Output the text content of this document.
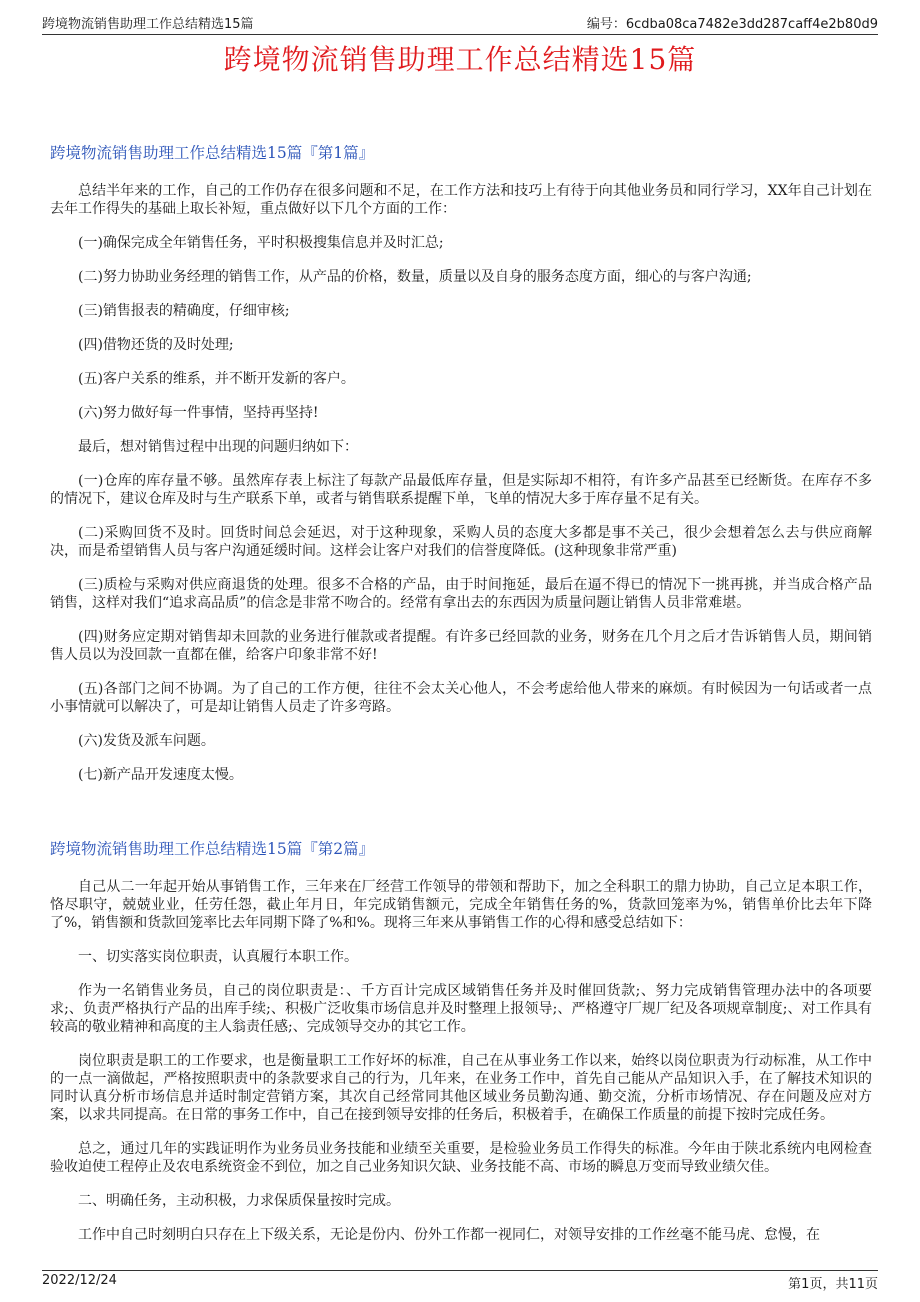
跨境物流销售助理工作总结精选15篇	编号：6cdba08ca7482e3dd287caff4e2b80d9
跨境物流销售助理工作总结精选15篇
跨境物流销售助理工作总结精选15篇『第1篇』

总结半年来的工作，自己的工作仍存在很多问题和不足，在工作方法和技巧上有待于向其他业务员和同行学习，XX年自己计划在去年工作得失的基础上取长补短，重点做好以下几个方面的工作：

(一)确保完成全年销售任务，平时积极搜集信息并及时汇总;

(二)努力协助业务经理的销售工作，从产品的价格，数量，质量以及自身的服务态度方面，细心的与客户沟通;

(三)销售报表的精确度，仔细审核;

(四)借物还货的及时处理;

(五)客户关系的维系，并不断开发新的客户。

(六)努力做好每一件事情，坚持再坚持!

最后，想对销售过程中出现的问题归纳如下：

(一)仓库的库存量不够。虽然库存表上标注了每款产品最低库存量，但是实际却不相符，有许多产品甚至已经断货。在库存不多的情况下，建议仓库及时与生产联系下单，或者与销售联系提醒下单，飞单的情况大多于库存量不足有关。

(二)采购回货不及时。回货时间总会延迟，对于这种现象，采购人员的态度大多都是事不关己，很少会想着怎么去与供应商解决，而是希望销售人员与客户沟通延缓时间。这样会让客户对我们的信誉度降低。(这种现象非常严重)

(三)质检与采购对供应商退货的处理。很多不合格的产品，由于时间拖延，最后在逼不得已的情况下一挑再挑，并当成合格产品销售，这样对我们“追求高品质”的信念是非常不吻合的。经常有拿出去的东西因为质量问题让销售人员非常难堪。

(四)财务应定期对销售却未回款的业务进行催款或者提醒。有许多已经回款的业务，财务在几个月之后才告诉销售人员，期间销售人员以为没回款一直都在催，给客户印象非常不好!

(五)各部门之间不协调。为了自己的工作方便，往往不会太关心他人，不会考虑给他人带来的麻烦。有时候因为一句话或者一点小事情就可以解决了，可是却让销售人员走了许多弯路。

(六)发货及派车问题。

(七)新产品开发速度太慢。

跨境物流销售助理工作总结精选15篇『第2篇』

自己从二一年起开始从事销售工作，三年来在厂经营工作领导的带领和帮助下，加之全科职工的鼎力协助，自己立足本职工作，恪尽职守，兢兢业业，任劳任怨，截止年月日，年完成销售额元，完成全年销售任务的%，货款回笼率为%，销售单价比去年下降了%，销售额和货款回笼率比去年同期下降了%和%。现将三年来从事销售工作的心得和感受总结如下：

一、切实落实岗位职责，认真履行本职工作。

作为一名销售业务员，自己的岗位职责是：、千方百计完成区域销售任务并及时催回货款;、努力完成销售管理办法中的各项要求;、负责严格执行产品的出库手续;、积极广泛收集市场信息并及时整理上报领导;、严格遵守厂规厂纪及各项规章制度;、对工作具有较高的敬业精神和高度的主人翁责任感;、完成领导交办的其它工作。

岗位职责是职工的工作要求，也是衡量职工工作好坏的标准，自己在从事业务工作以来，始终以岗位职责为行动标准，从工作中的一点一滴做起，严格按照职责中的条款要求自己的行为，几年来，在业务工作中，首先自己能从产品知识入手，在了解技术知识的同时认真分析市场信息并适时制定营销方案，其次自己经常同其他区域业务员勤沟通、勤交流，分析市场情况、存在问题及应对方案，以求共同提高。在日常的事务工作中，自己在接到领导安排的任务后，积极着手，在确保工作质量的前提下按时完成任务。

总之，通过几年的实践证明作为业务员业务技能和业绩至关重要，是检验业务员工作得失的标准。今年由于陕北系统内电网检查验收迫使工程停止及农电系统资金不到位，加之自己业务知识欠缺、业务技能不高、市场的瞬息万变而导致业绩欠佳。

二、明确任务，主动积极，力求保质保量按时完成。

工作中自己时刻明白只存在上下级关系，无论是份内、份外工作都一视同仁，对领导安排的工作丝毫不能马虎、怠慢，在

2022/12/24	第1页，共11页
